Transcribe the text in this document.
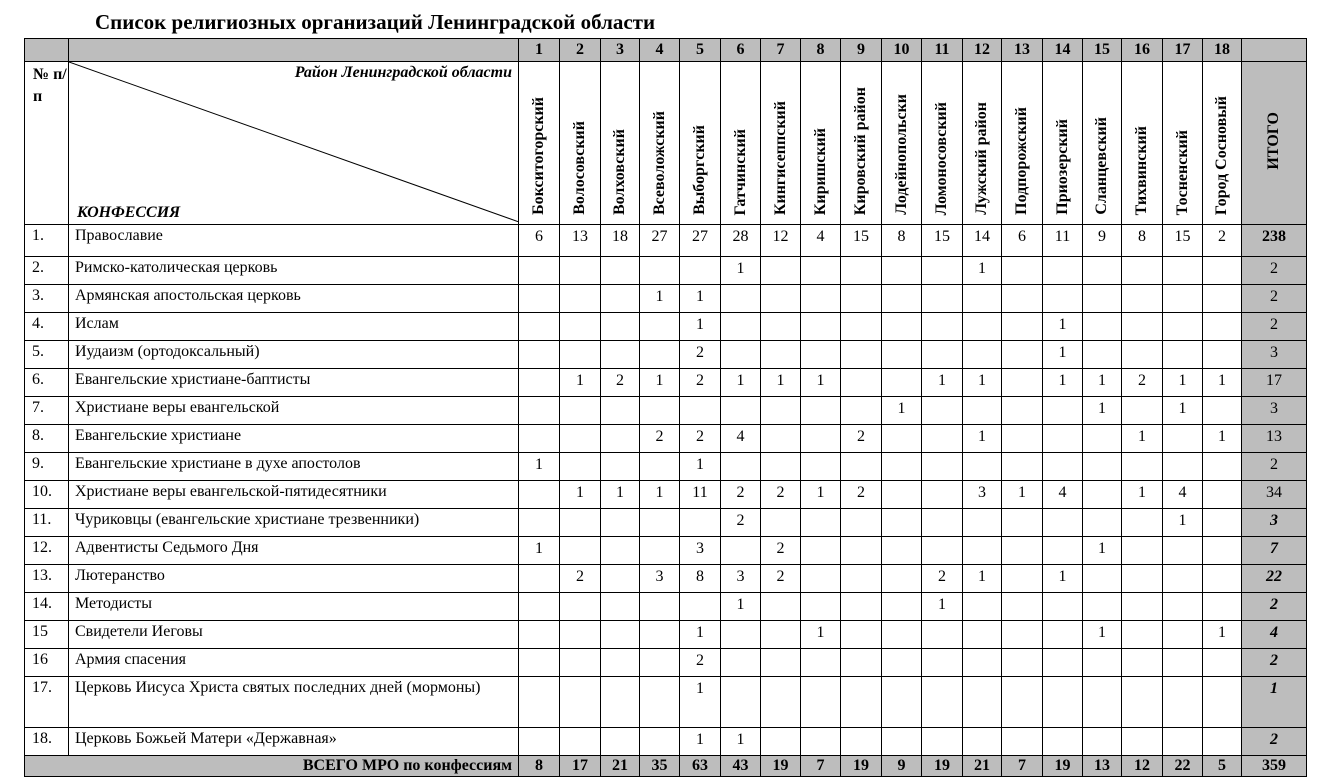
Список религиозных организаций Ленинградской области
		1	2	3	4	5	6	7	8	9	10	11	12	13	14	15	16	17	18	
№ п/ п	Район Ленинградской области
КОНФЕССИЯ	Бокситогорский	Волосовский	Волховский	Всеволожский	Выборгский	Гатчинский	Кингисеппский	Киришский	Кировский район	Лодейнопольски	Ломоносовский	Лужский район	Подпорожский	Приозерский	Сланцевский	Тихвинский	Тосненский	Город Сосновый	ИТОГО
1.	Православие	6	13	18	27	27	28	12	4	15	8	15	14	6	11	9	8	15	2	238
2.	Римско-католическая церковь						1						1							2
3.	Армянская апостольская церковь				1	1														2
4.	Ислам					1									1					2
5.	Иудаизм (ортодоксальный)					2									1					3
6.	Евангельские христиане-баптисты		1	2	1	2	1	1	1			1	1		1	1	2	1	1	17
7.	Христиане веры евангельской										1					1		1		3
8.	Евангельские христиане				2	2	4			2			1				1		1	13
9.	Евангельские христиане в духе апостолов	1				1														2
10.	Христиане веры евангельской-пятидесятники		1	1	1	11	2	2	1	2			3	1	4		1	4		34
11.	Чуриковцы (евангельские христиане трезвенники)						2											1		3
12.	Адвентисты Седьмого Дня	1				3		2								1				7
13.	Лютеранство		2		3	8	3	2				2	1		1					22
14.	Методисты						1					1								2
15	Свидетели Иеговы					1			1							1			1	4
16	Армия спасения					2														2
17.	Церковь Иисуса Христа святых последних дней (мормоны)					1														1
18.	Церковь Божьей Матери «Державная»					1	1													2
ВСЕГО МРО по конфессиям		8	17	21	35	63	43	19	7	19	9	19	21	7	19	13	12	22	5	359
